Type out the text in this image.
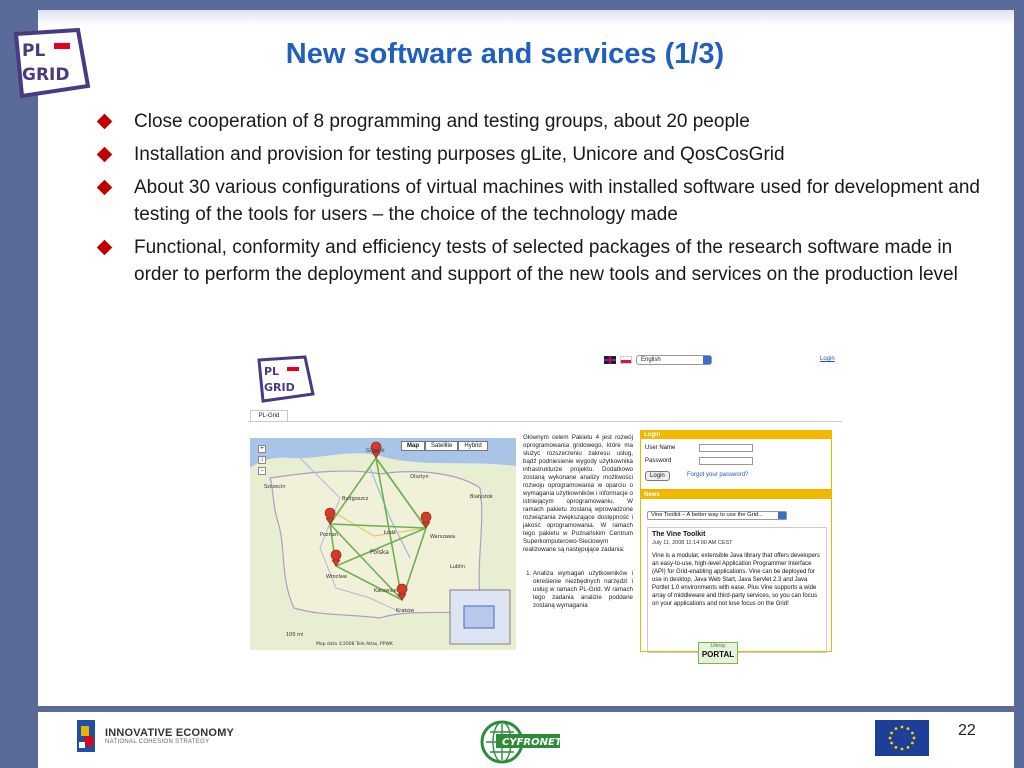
PL
GRID
New software and services (1/3)
Close cooperation of 8 programming and testing groups, about 20 people
Installation and provision for testing purposes gLite, Unicore and QosCosGrid
About 30 various configurations of virtual machines with installed software used for development and testing of the tools for users – the choice of the technology made
Functional, conformity and efficiency tests of selected packages of the research software made in order to perform the deployment and support of the new tools and services on the production level
PL
GRID
English	Login
PL-Grid
Gdańsk
Poznań	Warszawa
Wrocław
Kraków
Łódź
Bydgoszcz
Olsztyn
Lublin
Katowice
Szczecin
Białystok
Polska
100 mi
Map data ©2008 Tele Atlas, PPWK
Map	Satellite	Hybrid
+
↕
−

Głównym celem Pakietu 4 jest rozwój oprogramowania gridowego, które ma służyć rozszerzeniu zakresu usług, bądź podniesienie wygody użytkownika infrastrukturze projektu. Dodatkowo zostaną wykonane analizy możliwości rozwoju oprogramowania w oparciu o wymagania użytkowników i informacje o istniejącym oprogramowaniu. W ramach pakietu zostaną wprowadzone rozwiązania zwiększające dostępność i jakość oprogramowania. W ramach tego pakietu w Poznańskim Centrum Superkomputerowo-Sieciowym realizowane są następujące zadania:

1. Analiza wymagań użytkowników i określenie niezbędnych narzędzi i usług w ramach PL-Grid. W ramach tego zadania analizie poddane zostaną wymagania
Login
User Name
Password
Login	Forgot your password?
News
Vine Toolkit – A better way to use the Grid...
The Vine Toolkit
July 11, 2008 11:14:00 AM CEST
Vine is a modular, extensible Java library that offers developers an easy-to-use, high-level Application Programmer Interface (API) for Grid-enabling applications. Vine can be deployed for use in desktop, Java Web Start, Java Servlet 2.3 and Java Portlet 1.0 environments with ease. Plus Vine supports a wide array of middleware and third-party services, so you can focus on your applications and not lose focus on the Grid!
Liferay
PORTAL
INNOVATIVE ECONOMY
NATIONAL COHESION STRATEGY	CYFRONET
22
